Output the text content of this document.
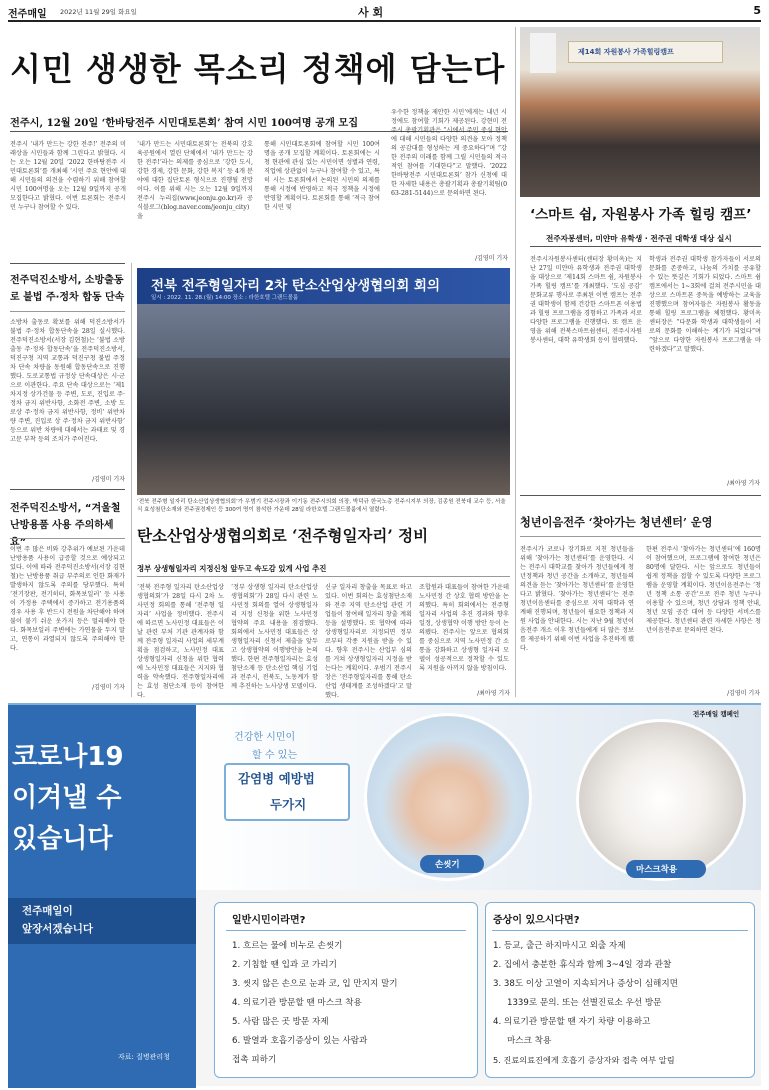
전주매일 2022년 11월 29일 화요일	사 회	5
시민 생생한 목소리 정책에 담는다
전주시, 12월 20일 ‘한바탕전주 시민대토론회’ 참여 시민 100여명 공개 모집
전주시 ‘내가 만드는 강한 전주!’ 전주의 미래상을 시민들과 함께 그린다고 밝혔다. 시는 오는 12월 20일 ‘2022 한바탕전주 시민대토론회’를 개최해 ‘시민 주요 현안에 대해 시민들의 의견을 수렴하기 위해 참여할 시민 100여명을 오는 12월 9일까지 공개 모집한다고 밝혔다. 이번 토론회는 전주시민 누구나 참여할 수 있다.
‘내가 만드는 시민대토론회’는 전북의 강호 육공원에서 열린 단체에서 ‘내가 만드는 강한 전주!’라는 의제를 중심으로 ‘강한 도시, 강한 경제, 강한 문화, 강한 복지’ 등 4개 분야에 대한 집단토론 형식으로 진행될 전망이다. 이를 위해 시는 오는 12월 9일까지 전주시 누리집(www.jeonju.go.kr)과 공식블로그(blog.naver.com/jeonju_city)을
통해 시민대토론회에 참여할 시민 100여 명을 공개 모집할 계획이다. 토론회에는 시청 현관에 관심 있는 시민이면 성별과 연령, 직업에 상관없이 누구나 참여할 수 있고, 특히 시는 토론회에서 논의된 시민의 의제를 통해 시정에 반영하고 적극 정책을 시정에 반영할 계획이다. 토론회를 통해 ‘적극 참여한 시민 및
우수한 정책을 제안한 시민’에게는 내년 시정에도 참여할 기회가 제공된다. 강현미 전주시 총괄기획관은 “시에서 주민 중심 현안에 대해 시민들의 다양한 의견을 모아 정책의 공감대를 형성하는 게 중요하다”며 “강한 전주의 미래를 함께 그릴 시민들의 적극적인 참여를 기대한다”고 말했다. ‘2022 한바탕전주 시민대토론회’ 참가 신청에 대한 자세한 내용은 총괄기획과 총괄기획팀(063-281-5144)으로 문의하면 된다.
/김영미 기자
제14회 자원봉사 가족힐링캠프
‘스마트 쉼, 자원봉사 가족 힐링 캠프’
전주자봉센터, 미얀마 유학생 · 전주권 대학생 대상 실시
전주시자원봉사센터(센터장 황미옥)는 지난 27일 미얀마 유학생과 전주권 대학생을 대상으로 ‘제14회 스마트 쉼, 자원봉사 가족 힐링 캠프’를 개최했다. ‘도심 공감’ 문화교류 행사로 주최된 이번 캠프는 전주권 대학생이 함께 건강한 스마트폰 이용법과 힐링 프로그램을 경험하고 가족과 서로 다양한 프로그램을 진행했다. 또 캠프 운영을 위해 전북스마트쉼센터, 전주시자원봉사센터, 대학 유학생회 등이 협력했다.
학생과 전주권 대학생 참가자들이 서로의 문화를 존중하고, 나눔의 가치를 공유할 수 있는 뜻깊은 기회가 되었다. 스마트 쉼 캠프에서는 1~3회에 걸쳐 전주시민을 대상으로 스마트폰 중독을 예방하는 교육을 진행했으며 참여자들은 자원봉사 활동을 통해 힐링 프로그램을 체험했다. 황미옥 센터장은 “다문화 학생과 대학생들이 서로의 문화를 이해하는 계기가 되었다”며 “앞으로 다양한 자원봉사 프로그램을 마련하겠다”고 말했다.
/최아영 기자
전주덕진소방서, 소방출동로 불법 주·정차 합동 단속
소방차 출동로 확보를 위해 덕진소방서가 불법 주·정차 합동단속을 28일 실시했다. 전주덕진소방서(서장 김현철)는 ‘불법 소방출동 주·정차 합동단속’을 전주덕진소방서, 덕진구청 지역 교통과 덕진구청 불법 주정차 단속 차량을 동원해 합동단속으로 진행했다. 도로교통법 규정상 단속대상은 시·군으로 이관한다. 주요 단속 대상으로는 ‘제1차지정 상가건물 등 주변, 도로, 진입로 주·정차 금지 위반사항, 소화전 주변, 소방 도로상 주·정차 금지 위반사항, 정비’ 위반차량 주변, 진입로 상 주·정차 금지 위반사항’ 등으로 위반 차량에 대해서는 과태료 및 경고문 부착 등의 조치가 주어진다.
/김영미 기자
전주덕진소방서, “겨울철 난방용품 사용 주의하세요”
이번 주 많은 비와 강추위가 예보된 가운데 난방용품 사용이 급증할 것으로 예상되고 있다. 이에 따라 전주덕진소방서(서장 김현철)는 난방용품 취급 부주의로 인한 화재가 발생하지 않도록 주의를 당부했다. 특히 ‘전기장판, 전기히터, 화목보일러’ 등 사용이 가정용 주택에서 증가하고 전기용품의 경우 사용 후 반드시 전원을 차단해야 하며 불이 붙기 쉬운 옷가지 등은 멀리해야 한다. 화목보일러 주변에는 가연물을 두지 말고, 연통이 과열되지 않도록 주의해야 한다.
/김영미 기자
전북 전주형일자리 2차 탄소산업상생협의회 회의
일시 : 2022. 11. 28.(월) 14:00 장소 : 라한호텔 그랜드볼룸
‘전북 전주형 일자리 탄소산업상생협의회’가 우범기 전주시장과 이기동 전주시의회 의장, 박덕규 한국노총 전주시지부 의장, 김종원 전북대 교수 등, 서울식 효성첨단소재와 전주권경제인 등 300여 명이 참석한 가운데 28일 라한호텔 그랜드볼룸에서 열렸다.
탄소산업상생협의회로 ‘전주형일자리’ 정비
정부 상생형일자리 지정신청 앞두고 속도감 있게 사업 추진
‘전북 전주형 일자리 탄소산업상생협의회’가 28일 다시 2차 노사민정 회의를 통해 ‘전주형 일자리’ 사업을 정비했다. 전주시에 따르면 노사민정 대표들은 이날 관련 부처 기관 관계자와 함께 전주형 일자리 사업의 세부계획을 점검하고, 노사민정 대표 상생형일자리 신청을 위한 협력에 노사민정 대표들은 지지와 협력을 약속했다. 전주형일자리에는 효성 첨단소재 등이 참여한다.
‘정부 상생형 일자리 탄소산업상생협의회’가 28일 다시 관련 노사민정 회의를 열어 상생형일자리 지정 신청을 위한 노사민정 협약의 주요 내용을 점검했다. 회의에서 노사민정 대표들은 상생형일자리 신청서 제출을 앞두고 상생협약의 이행방안을 논의했다. 한편 전주형일자리는 효성첨단소재 등 탄소산업 핵심 기업과 전주시, 전북도, 노동계가 함께 추진하는 노사상생 모델이다.
신규 일자리 창출을 목표로 하고 있다. 이번 회의는 효성첨단소재와 전주 지역 탄소산업 관련 기업들이 참여해 일자리 창출 계획 등을 설명했다. 또 협약에 따라 상생형일자리로 지정되면 정부로부터 각종 지원을 받을 수 있다. 향후 전주시는 산업부 심의를 거쳐 상생형일자리 지정을 받는다는 계획이다. 우범기 전주시장은 ‘전주형일자리를 통해 탄소산업 생태계를 조성하겠다’고 말했다.
조합원과 대표들이 참여한 가운데 노사민정 간 상호 협력 방안을 논의했다. 특히 회의에서는 전주형 일자리 사업의 추진 경과와 향후 일정, 상생협약 이행 방안 등이 논의됐다. 전주시는 앞으로 협의회를 중심으로 지역 노사민정 간 소통을 강화하고 상생형 일자리 모델이 성공적으로 정착할 수 있도록 지원을 아끼지 않을 방침이다.
/최아영 기자
청년이음전주 ‘찾아가는 청년센터’ 운영
전주시가 코로나 장기화로 지친 청년들을 위해 ‘찾아가는 청년센터’를 운영한다. 시는 전주시 대학교를 찾아가 청년들에게 청년정책과 청년 공간을 소개하고, 청년들의 의견을 듣는 ‘찾아가는 청년센터’를 운영한다고 밝혔다. ‘찾아가는 청년센터’는 전주 청년이음센터를 중심으로 지역 대학과 연계해 진행되며, 청년들이 필요한 정책과 지원 사업을 안내한다. 시는 지난 9월 청년이음전주 개소 이후 청년들에게 더 많은 정보를 제공하기 위해 이번 사업을 추진하게 됐다.
한편 전주시 ‘찾아가는 청년센터’에 160명이 참여했으며, 프로그램에 참여한 청년은 80명에 달한다. 시는 앞으로도 청년들이 쉽게 정책을 접할 수 있도록 다양한 프로그램을 운영할 계획이다. 청년이음전주는 ‘청년 정책 소통 공간’으로 전주 청년 누구나 이용할 수 있으며, 청년 상담과 정책 안내, 청년 모임 공간 대여 등 다양한 서비스를 제공한다. 청년센터 관련 자세한 사항은 청년이음전주로 문의하면 된다.
/김영미 기자
코로나19
이겨낼 수
있습니다
전주매일이
앞장서겠습니다
자료: 질병관리청
전주매일 캠페인
건강한 시민이
할 수 있는
감염병 예방법
두가지
손씻기	마스크착용
일반시민이라면?
1. 흐르는 물에 비누로 손씻기
2. 기침할 땐 입과 코 가리기
3. 씻지 않은 손으로 눈과 코, 입 만지지 말기
4. 의료기관 방문할 땐 마스크 착용
5. 사람 많은 곳 방문 자제
6. 발열과 호흡기증상이 있는 사람과
접촉 피하기
증상이 있으시다면?
1. 등교, 출근 하지마시고 외출 자제
2. 집에서 충분한 휴식과 함께 3~4일 경과 관찰
3. 38도 이상 고열이 지속되거나 증상이 심해지면
1339로 문의. 또는 선별진료소 우선 방문
4. 의료기관 방문할 땐 자기 차량 이용하고
마스크 착용
5. 진료의료진에게 호흡기 증상자와 접촉 여부 알림
